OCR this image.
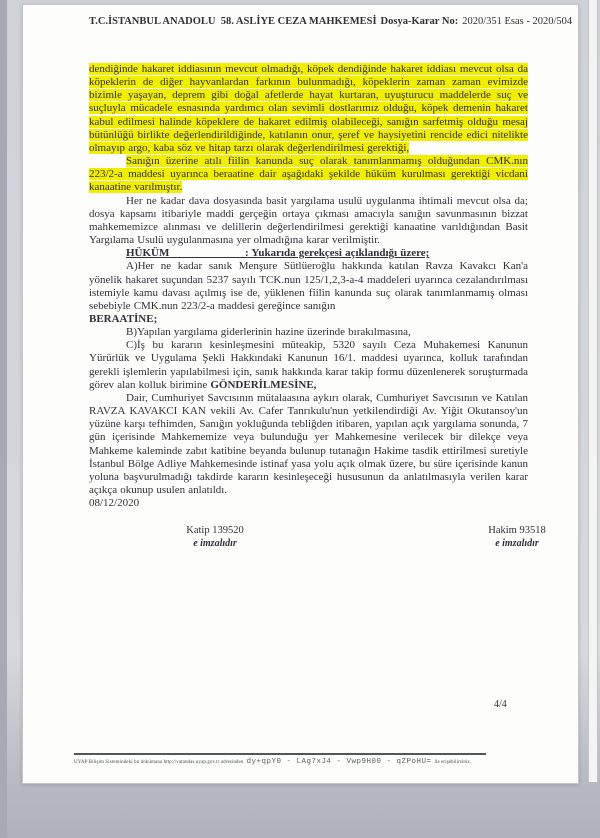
T.C.İSTANBUL ANADOLU  58. ASLİYE CEZA MAHKEMESİ Dosya-Karar No: 2020/351 Esas - 2020/504

dendiğinde hakaret iddiasının mevcut olmadığı, köpek dendiğinde hakaret iddiası mevcut olsa da köpeklerin de diğer hayvanlardan farkının bulunmadığı, köpeklerin zaman zaman evimizde bizimle yaşayan, deprem gibi doğal afetlerde hayat kurtaran, uyuşturucu maddelerde suç ve suçluyla mücadele esnasında yardımcı olan sevimli dostlarımız olduğu, köpek demenin hakaret kabul edilmesi halinde köpeklere de hakaret edilmiş olabileceği, sanığın sarfetmiş olduğu mesaj bütünlüğü birlikte değerlendirildiğinde, katılanın onur, şeref ve haysiyetini rencide edici nitelikte olmayıp argo, kaba söz ve hitap tarzı olarak değerlendirilmesi gerektiği,

Sanığın üzerine atılı fiilin kanunda suç olarak tanımlanmamış olduğundan CMK.nın 223/2-a maddesi uyarınca beraatine dair aşağıdaki şekilde hüküm kurulması gerektiği vicdani kanaatine varılmıştır.

Her ne kadar dava dosyasında basit yargılama usulü uygulanma ihtimali mevcut olsa da; dosya kapsamı itibariyle maddi gerçeğin ortaya çıkması amacıyla sanığın savunmasının bizzat mahkememizce alınması ve delillerin değerlendirilmesi gerektiği kanaatine varıldığından Basit Yargılama Usulü uygulanmasına yer olmadığına karar verilmiştir.

HÜKÜM	: Yukarıda gerekçesi açıklandığı üzere;

A)Her ne kadar sanık Menşure Sütlüeroğlu hakkında katılan Ravza Kavakcı Kan'a yönelik hakaret suçundan 5237 sayılı TCK.nun 125/1,2,3-a-4 maddeleri uyarınca cezalandırılması istemiyle kamu davası açılmış ise de, yüklenen fiilin kanunda suç olarak tanımlanmamış olması sebebiyle CMK.nun 223/2-a maddesi gereğince sanığın

BERAATİNE;

B)Yapılan yargılama giderlerinin hazine üzerinde bırakılmasına,

C)İş bu kararın kesinleşmesini müteakip, 5320 sayılı Ceza Muhakemesi Kanunun Yürürlük ve Uygulama Şekli Hakkındaki Kanunun 16/1. maddesi uyarınca, kolluk tarafından gerekli işlemlerin yapılabilmesi için, sanık hakkında karar takip formu düzenlenerek soruşturmada görev alan kolluk birimine GÖNDERİLMESİNE,

Dair, Cumhuriyet Savcısının mütalaasına aykırı olarak, Cumhuriyet Savcısının ve Katılan RAVZA KAVAKCI KAN vekili Av. Cafer Tanrıkulu'nun yetkilendirdiği Av. Yiğit Okutansoy'un yüzüne karşı tefhimden, Sanığın yokluğunda tebliğden itibaren, yapılan açık yargılama sonunda, 7 gün içerisinde Mahkememize veya bulunduğu yer Mahkemesine verilecek bir dilekçe veya Mahkeme kaleminde zabıt katibine beyanda bulunup tutanağın Hakime tasdik ettirilmesi suretiyle İstanbul Bölge Adliye Mahkemesinde istinaf yasa yolu açık olmak üzere, bu süre içerisinde kanun yoluna başvurulmadığı takdirde kararın kesinleşeceği hususunun da anlatılmasıyla verilen karar açıkça okunup usulen anlatıldı.

08/12/2020

Katip 139520
e imzalıdır
Hakim 93518
e imzalıdır
4/4
UYAP Bilişim Sistemindeki bu dokümana http://vatandas.uyap.gov.tr adresinden dy+qpY0 - LAg7xJ4 - Vwp9H00 - qZPoHU= ile erişebilirsiniz.
